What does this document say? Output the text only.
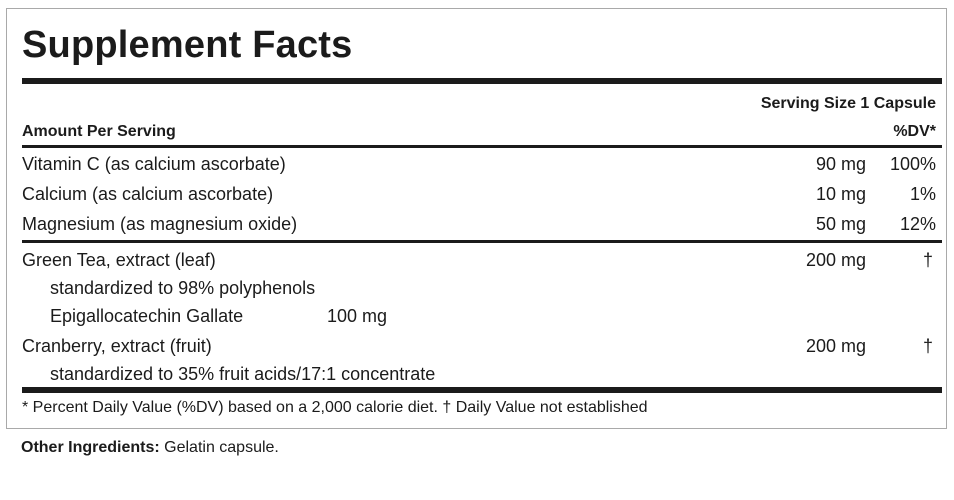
Supplement Facts
Serving Size 1 Capsule
Amount Per Serving	%DV*
Vitamin C (as calcium ascorbate)	90 mg 100%
Calcium (as calcium ascorbate)	10 mg 1%
Magnesium (as magnesium oxide)	50 mg 12%
Green Tea, extract (leaf)	200 mg	†
standardized to 98% polyphenols
Epigallocatechin Gallate	100 mg
Cranberry, extract (fruit)	200 mg	†
standardized to 35% fruit acids/17:1 concentrate
* Percent Daily Value (%DV) based on a 2,000 calorie diet. † Daily Value not established
Other Ingredients: Gelatin capsule.
